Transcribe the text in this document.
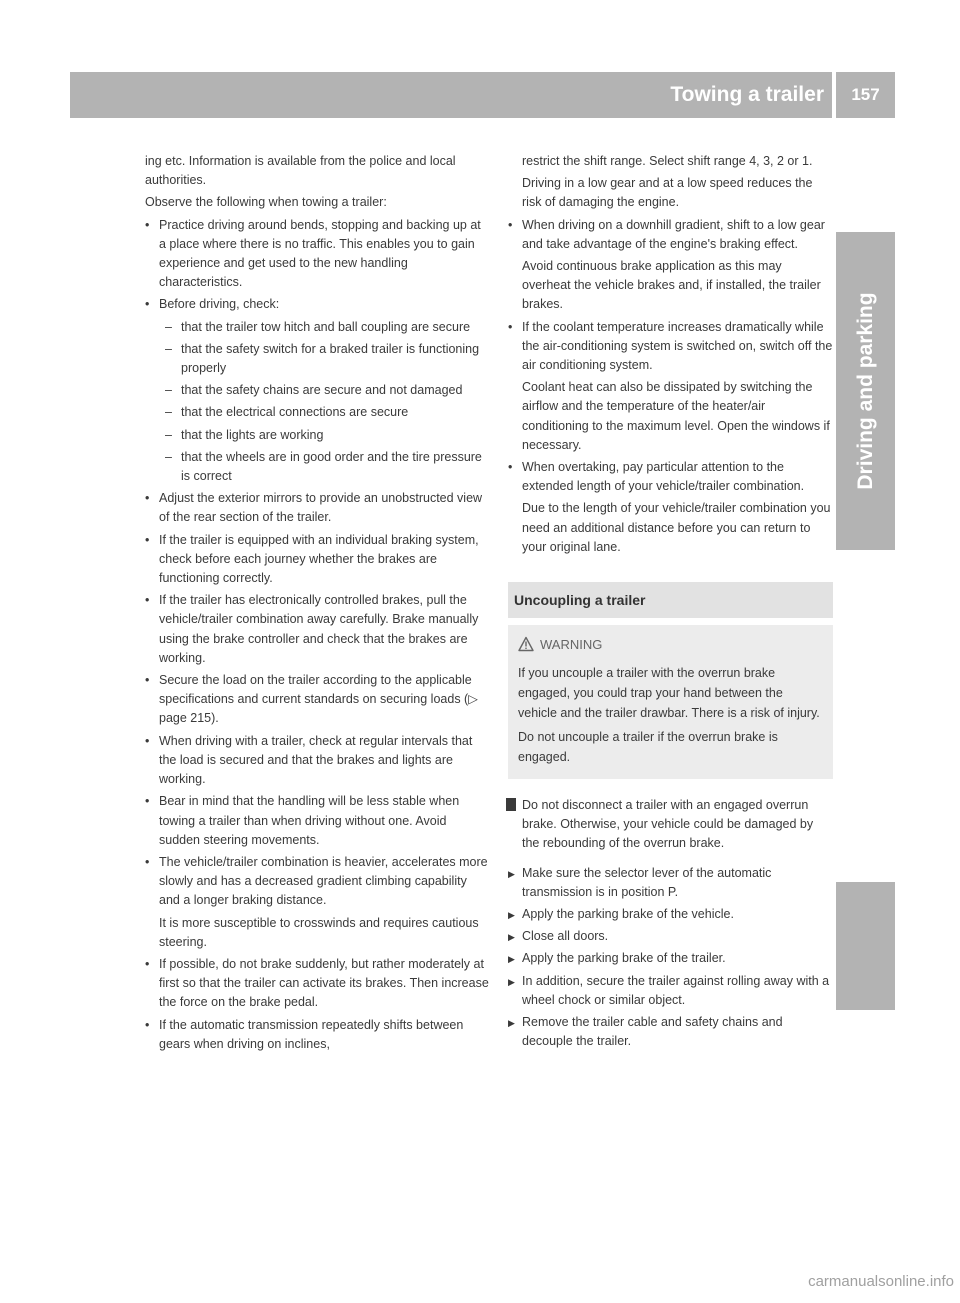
Towing a trailer	157
Driving and parking

ing etc. Information is available from the police and local authorities.

Observe the following when towing a trailer:

• Practice driving around bends, stopping and backing up at a place where there is no traffic. This enables you to gain experience and get used to the new handling characteristics.

• Before driving, check:

– that the trailer tow hitch and ball coupling are secure

– that the safety switch for a braked trailer is functioning properly

– that the safety chains are secure and not damaged

– that the electrical connections are secure

– that the lights are working

– that the wheels are in good order and the tire pressure is correct

• Adjust the exterior mirrors to provide an unobstructed view of the rear section of the trailer.

• If the trailer is equipped with an individual braking system, check before each journey whether the brakes are functioning correctly.

• If the trailer has electronically controlled brakes, pull the vehicle/trailer combination away carefully. Brake manually using the brake controller and check that the brakes are working.

• Secure the load on the trailer according to the applicable specifications and current standards on securing loads (▷ page 215).

• When driving with a trailer, check at regular intervals that the load is secured and that the brakes and lights are working.

• Bear in mind that the handling will be less stable when towing a trailer than when driving without one. Avoid sudden steering movements.

• The vehicle/trailer combination is heavier, accelerates more slowly and has a decreased gradient climbing capability and a longer braking distance.

It is more susceptible to crosswinds and requires cautious steering.

• If possible, do not brake suddenly, but rather moderately at first so that the trailer can activate its brakes. Then increase the force on the brake pedal.

• If the automatic transmission repeatedly shifts between gears when driving on inclines,

restrict the shift range. Select shift range 4, 3, 2 or 1.

Driving in a low gear and at a low speed reduces the risk of damaging the engine.

• When driving on a downhill gradient, shift to a low gear and take advantage of the engine's braking effect.

Avoid continuous brake application as this may overheat the vehicle brakes and, if installed, the trailer brakes.

• If the coolant temperature increases dramatically while the air-conditioning system is switched on, switch off the air conditioning system.

Coolant heat can also be dissipated by switching the airflow and the temperature of the heater/air conditioning to the maximum level. Open the windows if necessary.

• When overtaking, pay particular attention to the extended length of your vehicle/trailer combination.

Due to the length of your vehicle/trailer combination you need an additional distance before you can return to your original lane.

Uncoupling a trailer

WARNING

If you uncouple a trailer with the overrun brake engaged, you could trap your hand between the vehicle and the trailer drawbar. There is a risk of injury.

Do not uncouple a trailer if the overrun brake is engaged.

Do not disconnect a trailer with an engaged overrun brake. Otherwise, your vehicle could be damaged by the rebounding of the overrun brake.

▶ Make sure the selector lever of the automatic transmission is in position P.

▶ Apply the parking brake of the vehicle.

▶ Close all doors.

▶ Apply the parking brake of the trailer.

▶ In addition, secure the trailer against rolling away with a wheel chock or similar object.

▶ Remove the trailer cable and safety chains and decouple the trailer.

carmanualsonline.info
